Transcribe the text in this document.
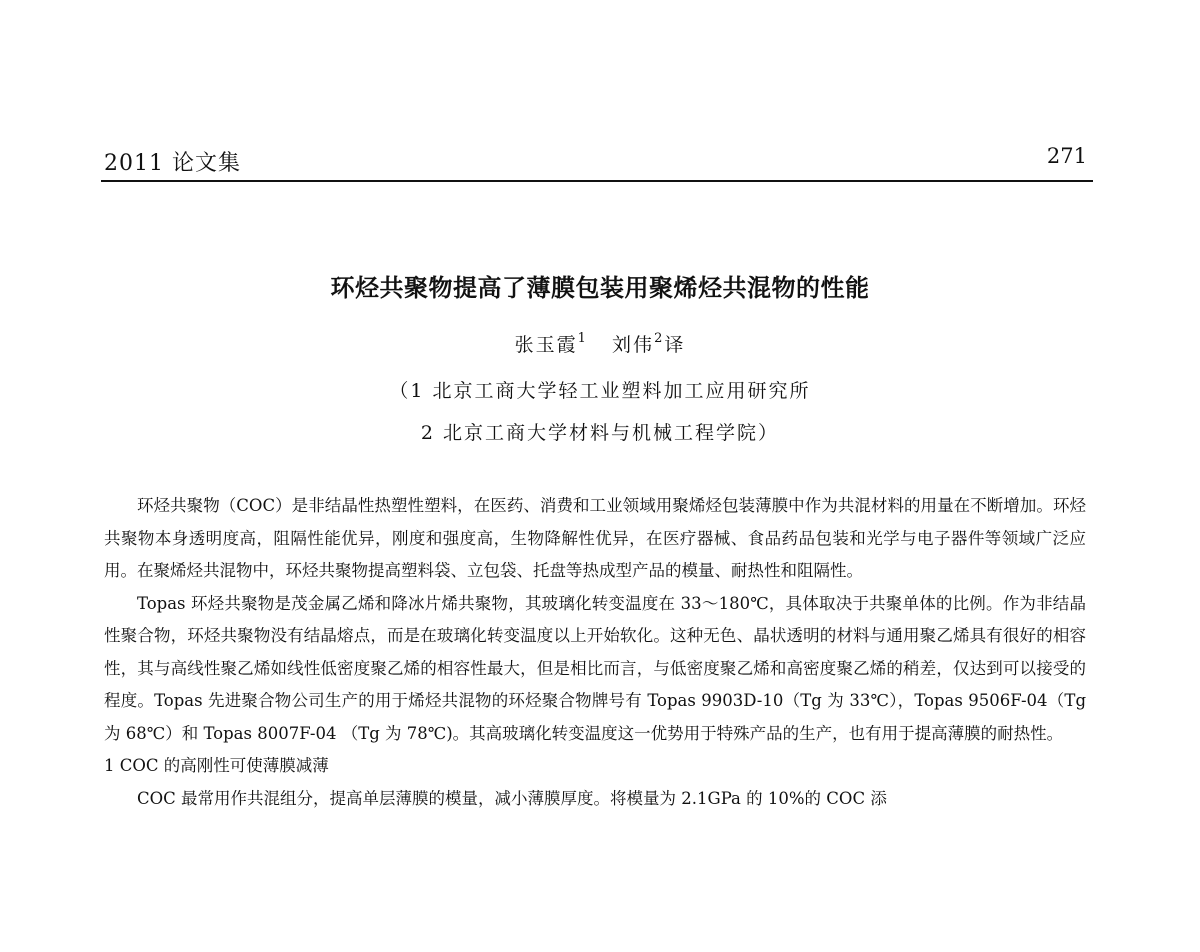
2011 论文集	271
环烃共聚物提高了薄膜包装用聚烯烃共混物的性能
张玉霞$^1$ 刘伟$^2$译
（1 北京工商大学轻工业塑料加工应用研究所
2 北京工商大学材料与机械工程学院）

环烃共聚物（COC）是非结晶性热塑性塑料，在医药、消费和工业领域用聚烯烃包装薄膜中作为共混材料的用量在不断增加。环烃共聚物本身透明度高，阻隔性能优异，刚度和强度高，生物降解性优异，在医疗器械、食品药品包装和光学与电子器件等领域广泛应用。在聚烯烃共混物中，环烃共聚物提高塑料袋、立包袋、托盘等热成型产品的模量、耐热性和阻隔性。

Topas 环烃共聚物是茂金属乙烯和降冰片烯共聚物，其玻璃化转变温度在 33～180℃，具体取决于共聚单体的比例。作为非结晶性聚合物，环烃共聚物没有结晶熔点，而是在玻璃化转变温度以上开始软化。这种无色、晶状透明的材料与通用聚乙烯具有很好的相容性，其与高线性聚乙烯如线性低密度聚乙烯的相容性最大，但是相比而言，与低密度聚乙烯和高密度聚乙烯的稍差，仅达到可以接受的程度。Topas 先进聚合物公司生产的用于烯烃共混物的环烃聚合物牌号有 Topas 9903D-10（Tg 为 33℃），Topas 9506F-04（Tg 为 68℃）和 Topas 8007F-04 （Tg 为 78℃)。其高玻璃化转变温度这一优势用于特殊产品的生产，也有用于提高薄膜的耐热性。

1 COC 的高刚性可使薄膜减薄

COC 最常用作共混组分，提高单层薄膜的模量，减小薄膜厚度。将模量为 2.1GPa 的 10%的 COC 添
